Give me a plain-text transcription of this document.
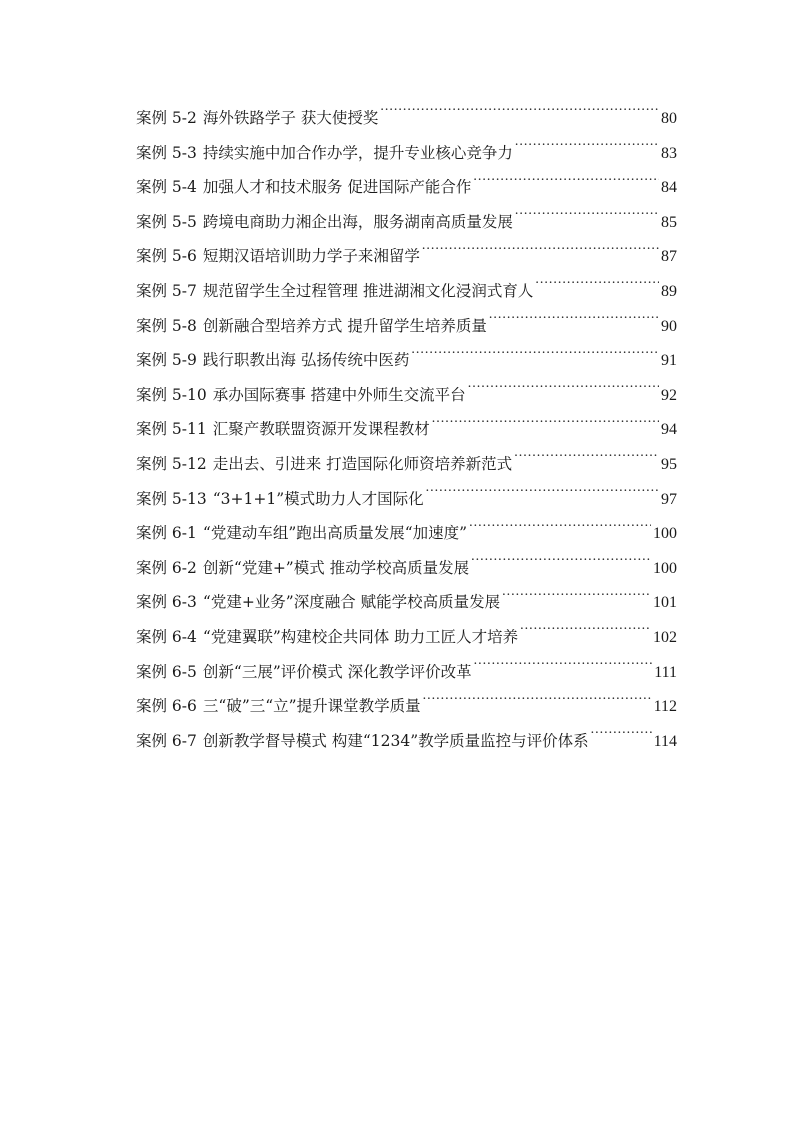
案例 5-2 海外铁路学子 获大使授奖 .....	80
案例 5-3 持续实施中加合作办学，提升专业核心竞争力 .....	83
案例 5-4 加强人才和技术服务 促进国际产能合作 .....	84
案例 5-5 跨境电商助力湘企出海，服务湖南高质量发展 .....	85
案例 5-6 短期汉语培训助力学子来湘留学 .....	87
案例 5-7 规范留学生全过程管理 推进湖湘文化浸润式育人 .....	89
案例 5-8 创新融合型培养方式 提升留学生培养质量 .....	90
案例 5-9 践行职教出海 弘扬传统中医药 .....	91
案例 5-10 承办国际赛事 搭建中外师生交流平台 .....	92
案例 5-11 汇聚产教联盟资源开发课程教材 .....	94
案例 5-12 走出去、引进来 打造国际化师资培养新范式 .....	95
案例 5-13 “3+1+1”模式助力人才国际化 .....	97
案例 6-1 “党建动车组”跑出高质量发展“加速度” .....	100
案例 6-2 创新“党建+”模式 推动学校高质量发展 .....	100
案例 6-3 “党建+业务”深度融合 赋能学校高质量发展 .....	101
案例 6-4 “党建翼联”构建校企共同体 助力工匠人才培养 .....	102
案例 6-5 创新“三展”评价模式 深化教学评价改革 .....	111
案例 6-6 三“破”三“立”提升课堂教学质量 .....	112
案例 6-7 创新教学督导模式 构建“1234”教学质量监控与评价体系 .....	114
